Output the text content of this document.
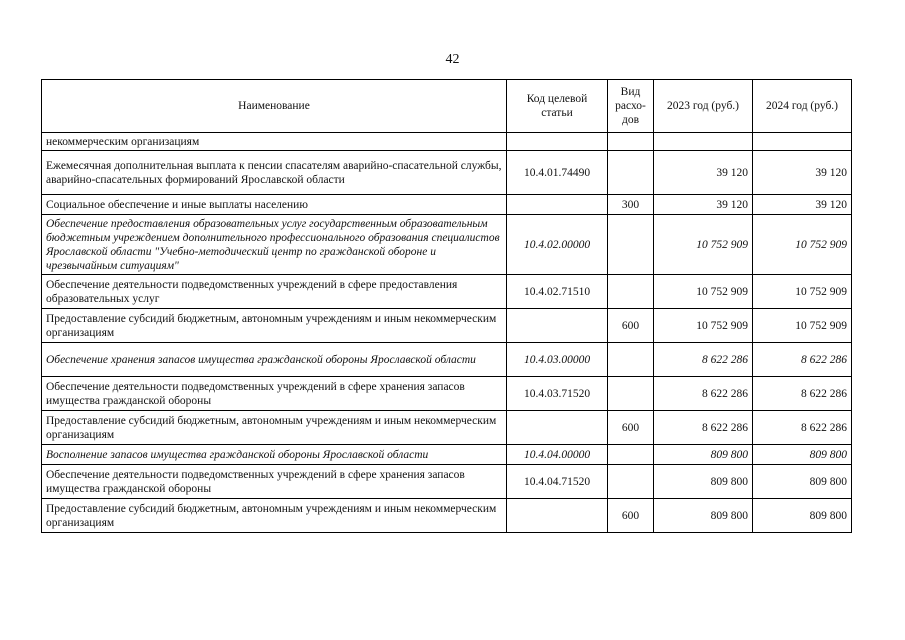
42
Наименование	Код целевой статьи	Вид расхо-дов	2023 год (руб.)	2024 год (руб.)
некоммерческим организациям				
Ежемесячная дополнительная выплата к пенсии спасателям аварийно-спасательной службы, аварийно-спасательных формирований Ярославской области	10.4.01.74490		39 120	39 120
Социальное обеспечение и иные выплаты населению		300	39 120	39 120
Обеспечение предоставления образовательных услуг государственным образовательным бюджетным учреждением дополнительного профессионального образования специалистов Ярославской области "Учебно-методический центр по гражданской обороне и чрезвычайным ситуациям"	10.4.02.00000		10 752 909	10 752 909
Обеспечение деятельности подведомственных учреждений в сфере предоставления образовательных услуг	10.4.02.71510		10 752 909	10 752 909
Предоставление субсидий бюджетным, автономным учреждениям и иным некоммерческим организациям		600	10 752 909	10 752 909
Обеспечение хранения запасов имущества гражданской обороны Ярославской области	10.4.03.00000		8 622 286	8 622 286
Обеспечение деятельности подведомственных учреждений в сфере хранения запасов имущества гражданской обороны	10.4.03.71520		8 622 286	8 622 286
Предоставление субсидий бюджетным, автономным учреждениям и иным некоммерческим организациям		600	8 622 286	8 622 286
Восполнение запасов имущества гражданской обороны Ярославской области	10.4.04.00000		809 800	809 800
Обеспечение деятельности подведомственных учреждений в сфере хранения запасов имущества гражданской обороны	10.4.04.71520		809 800	809 800
Предоставление субсидий бюджетным, автономным учреждениям и иным некоммерческим организациям		600	809 800	809 800
